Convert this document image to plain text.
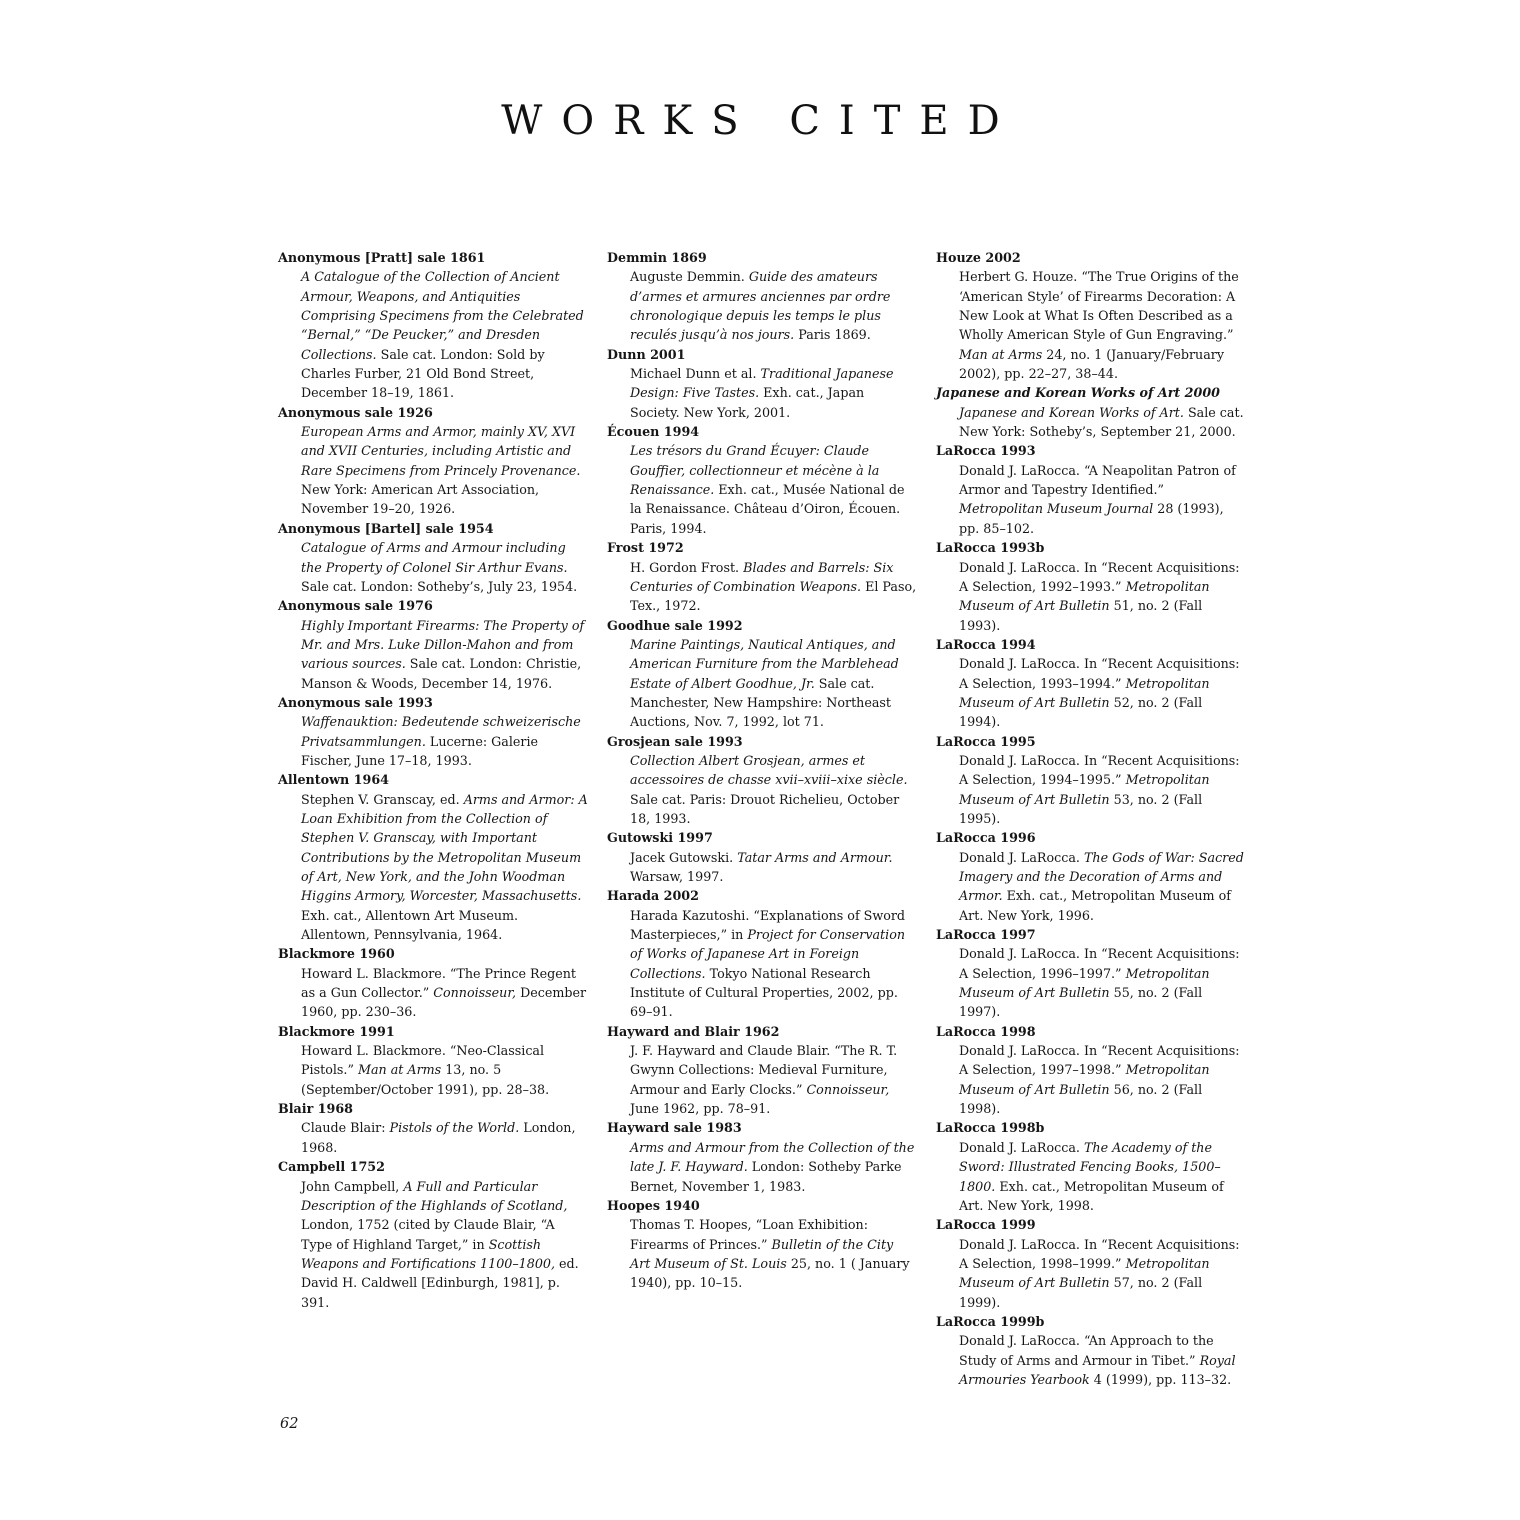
WORKS CITED
Anonymous [Pratt] sale 1861
A Catalogue of the Collection of Ancient Armour, Weapons, and Antiquities Comprising Specimens from the Celebrated “Bernal,” “De Peucker,” and Dresden Collections. Sale cat. London: Sold by Charles Furber, 21 Old Bond Street, December 18–19, 1861.
Anonymous sale 1926
European Arms and Armor, mainly XV, XVI and XVII Centuries, including Artistic and Rare Specimens from Princely Provenance. New York: American Art Association, November 19–20, 1926.
Anonymous [Bartel] sale 1954
Catalogue of Arms and Armour including the Property of Colonel Sir Arthur Evans. Sale cat. London: Sotheby’s, July 23, 1954.
Anonymous sale 1976
Highly Important Firearms: The Property of Mr. and Mrs. Luke Dillon-Mahon and from various sources. Sale cat. London: Christie, Manson & Woods, December 14, 1976.
Anonymous sale 1993
Waffenauktion: Bedeutende schweizerische Privatsammlungen. Lucerne: Galerie Fischer, June 17–18, 1993.
Allentown 1964
Stephen V. Granscay, ed. Arms and Armor: A Loan Exhibition from the Collection of Stephen V. Granscay, with Important Contributions by the Metropolitan Museum of Art, New York, and the John Woodman Higgins Armory, Worcester, Massachusetts. Exh. cat., Allentown Art Museum. Allentown, Pennsylvania, 1964.
Blackmore 1960
Howard L. Blackmore. “The Prince Regent as a Gun Collector.” Connoisseur, December 1960, pp. 230–36.
Blackmore 1991
Howard L. Blackmore. “Neo-Classical Pistols.” Man at Arms 13, no. 5 (September/October 1991), pp. 28–38.
Blair 1968
Claude Blair: Pistols of the World. London, 1968.
Campbell 1752
John Campbell, A Full and Particular Description of the Highlands of Scotland, London, 1752 (cited by Claude Blair, “A Type of Highland Target,” in Scottish Weapons and Fortifications 1100–1800, ed. David H. Caldwell [Edinburgh, 1981], p. 391.
Demmin 1869
Auguste Demmin. Guide des amateurs d’armes et armures anciennes par ordre chronologique depuis les temps le plus reculés jusqu’à nos jours. Paris 1869.
Dunn 2001
Michael Dunn et al. Traditional Japanese Design: Five Tastes. Exh. cat., Japan Society. New York, 2001.
Écouen 1994
Les trésors du Grand Écuyer: Claude Gouffier, collectionneur et mécène à la Renaissance. Exh. cat., Musée National de la Renaissance. Château d’Oiron, Écouen. Paris, 1994.
Frost 1972
H. Gordon Frost. Blades and Barrels: Six Centuries of Combination Weapons. El Paso, Tex., 1972.
Goodhue sale 1992
Marine Paintings, Nautical Antiques, and American Furniture from the Marblehead Estate of Albert Goodhue, Jr. Sale cat. Manchester, New Hampshire: Northeast Auctions, Nov. 7, 1992, lot 71.
Grosjean sale 1993
Collection Albert Grosjean, armes et accessoires de chasse xvii–xviii–xixe siècle. Sale cat. Paris: Drouot Richelieu, October 18, 1993.
Gutowski 1997
Jacek Gutowski. Tatar Arms and Armour. Warsaw, 1997.
Harada 2002
Harada Kazutoshi. “Explanations of Sword Masterpieces,” in Project for Conservation of Works of Japanese Art in Foreign Collections. Tokyo National Research Institute of Cultural Properties, 2002, pp. 69–91.
Hayward and Blair 1962
J. F. Hayward and Claude Blair. “The R. T. Gwynn Collections: Medieval Furniture, Armour and Early Clocks.” Connoisseur, June 1962, pp. 78–91.
Hayward sale 1983
Arms and Armour from the Collection of the late J. F. Hayward. London: Sotheby Parke Bernet, November 1, 1983.
Hoopes 1940
Thomas T. Hoopes, “Loan Exhibition: Firearms of Princes.” Bulletin of the City Art Museum of St. Louis 25, no. 1 ( January 1940), pp. 10–15.
Houze 2002
Herbert G. Houze. “The True Origins of the ‘American Style’ of Firearms Decoration: A New Look at What Is Often Described as a Wholly American Style of Gun Engraving.” Man at Arms 24, no. 1 (January/February 2002), pp. 22–27, 38–44.
Japanese and Korean Works of Art 2000
Japanese and Korean Works of Art. Sale cat. New York: Sotheby’s, September 21, 2000.
LaRocca 1993
Donald J. LaRocca. “A Neapolitan Patron of Armor and Tapestry Identified.” Metropolitan Museum Journal 28 (1993), pp. 85–102.
LaRocca 1993b
Donald J. LaRocca. In “Recent Acquisitions: A Selection, 1992–1993.” Metropolitan Museum of Art Bulletin 51, no. 2 (Fall 1993).
LaRocca 1994
Donald J. LaRocca. In “Recent Acquisitions: A Selection, 1993–1994.” Metropolitan Museum of Art Bulletin 52, no. 2 (Fall 1994).
LaRocca 1995
Donald J. LaRocca. In “Recent Acquisitions: A Selection, 1994–1995.” Metropolitan Museum of Art Bulletin 53, no. 2 (Fall 1995).
LaRocca 1996
Donald J. LaRocca. The Gods of War: Sacred Imagery and the Decoration of Arms and Armor. Exh. cat., Metropolitan Museum of Art. New York, 1996.
LaRocca 1997
Donald J. LaRocca. In “Recent Acquisitions: A Selection, 1996–1997.” Metropolitan Museum of Art Bulletin 55, no. 2 (Fall 1997).
LaRocca 1998
Donald J. LaRocca. In “Recent Acquisitions: A Selection, 1997–1998.” Metropolitan Museum of Art Bulletin 56, no. 2 (Fall 1998).
LaRocca 1998b
Donald J. LaRocca. The Academy of the Sword: Illustrated Fencing Books, 1500–1800. Exh. cat., Metropolitan Museum of Art. New York, 1998.
LaRocca 1999
Donald J. LaRocca. In “Recent Acquisitions: A Selection, 1998–1999.” Metropolitan Museum of Art Bulletin 57, no. 2 (Fall 1999).
LaRocca 1999b
Donald J. LaRocca. “An Approach to the Study of Arms and Armour in Tibet.” Royal Armouries Yearbook 4 (1999), pp. 113–32.
62
